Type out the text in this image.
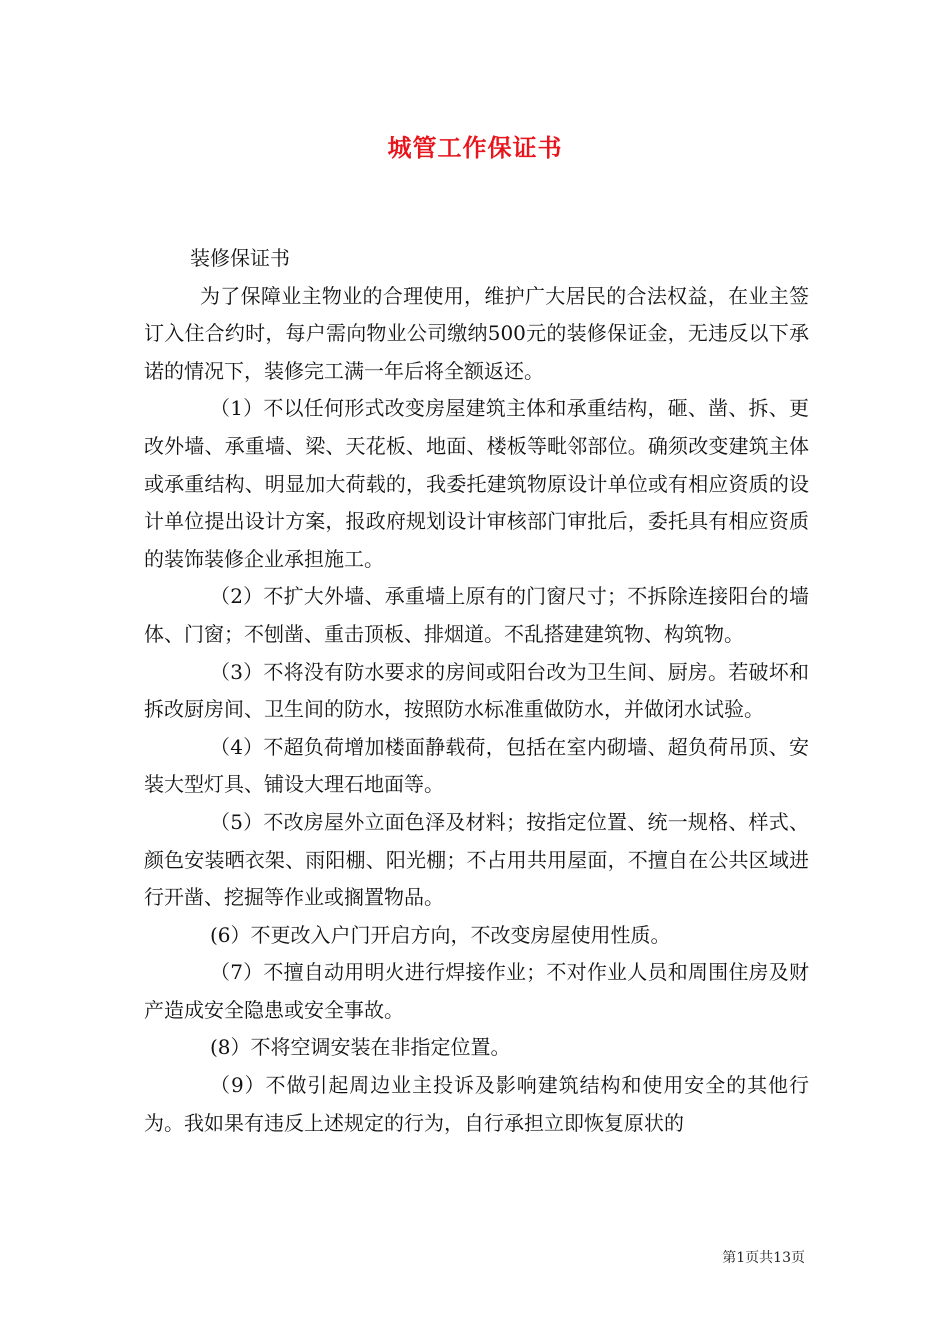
城管工作保证书

装修保证书

为了保障业主物业的合理使用，维护广大居民的合法权益，在业主签订入住合约时，每户需向物业公司缴纳500元的装修保证金，无违反以下承诺的情况下，装修完工满一年后将全额返还。

（1）不以任何形式改变房屋建筑主体和承重结构，砸、凿、拆、更改外墙、承重墙、梁、天花板、地面、楼板等毗邻部位。确须改变建筑主体或承重结构、明显加大荷载的，我委托建筑物原设计单位或有相应资质的设计单位提出设计方案，报政府规划设计审核部门审批后，委托具有相应资质的装饰装修企业承担施工。

（2）不扩大外墙、承重墙上原有的门窗尺寸；不拆除连接阳台的墙体、门窗；不刨凿、重击顶板、排烟道。不乱搭建建筑物、构筑物。

（3）不将没有防水要求的房间或阳台改为卫生间、厨房。若破坏和拆改厨房间、卫生间的防水，按照防水标准重做防水，并做闭水试验。

（4）不超负荷增加楼面静载荷，包括在室内砌墙、超负荷吊顶、安装大型灯具、铺设大理石地面等。

（5）不改房屋外立面色泽及材料；按指定位置、统一规格、样式、颜色安装晒衣架、雨阳棚、阳光棚；不占用共用屋面，不擅自在公共区域进行开凿、挖掘等作业或搁置物品。

(6）不更改入户门开启方向，不改变房屋使用性质。

（7）不擅自动用明火进行焊接作业；不对作业人员和周围住房及财产造成安全隐患或安全事故。

(8）不将空调安装在非指定位置。

（9）不做引起周边业主投诉及影响建筑结构和使用安全的其他行为。我如果有违反上述规定的行为，自行承担立即恢复原状的

第1页共13页
